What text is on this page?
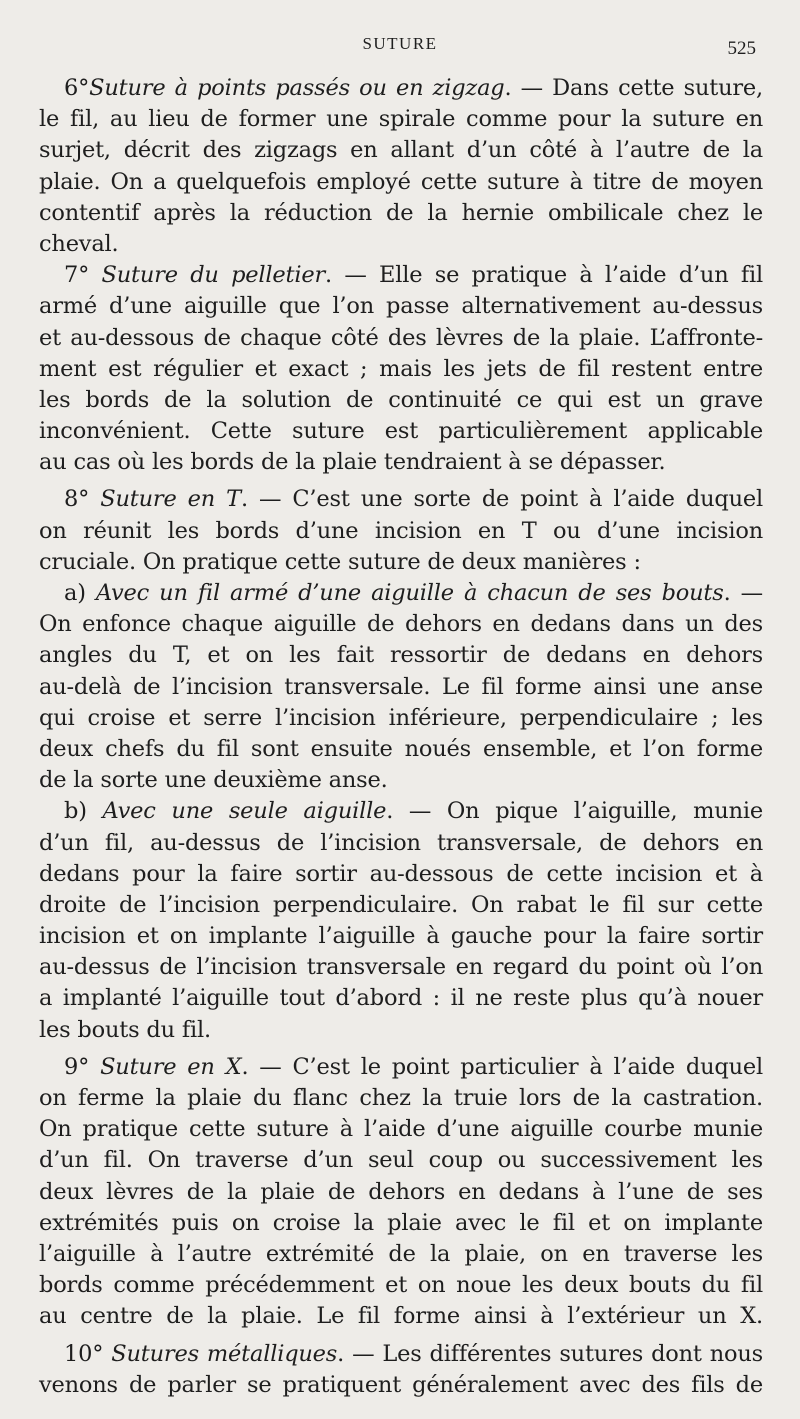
SUTURE	525
6°Suture à points passés ou en zigzag. — Dans cette suture,
le fil, au lieu de former une spirale comme pour la suture en
surjet, décrit des zigzags en allant d’un côté à l’autre de la
plaie. On a quelquefois employé cette suture à titre de moyen
contentif après la réduction de la hernie ombilicale chez le
cheval.
7° Suture du pelletier. — Elle se pratique à l’aide d’un fil
armé d’une aiguille que l’on passe alternativement au-dessus
et au-dessous de chaque côté des lèvres de la plaie. L’affronte-
ment est régulier et exact ; mais les jets de fil restent entre
les bords de la solution de continuité ce qui est un grave
inconvénient. Cette suture est particulièrement applicable
au cas où les bords de la plaie tendraient à se dépasser.
8° Suture en T. — C’est une sorte de point à l’aide duquel
on réunit les bords d’une incision en T ou d’une incision
cruciale. On pratique cette suture de deux manières :
a) Avec un fil armé d’une aiguille à chacun de ses bouts. —
On enfonce chaque aiguille de dehors en dedans dans un des
angles du T, et on les fait ressortir de dedans en dehors
au-delà de l’incision transversale. Le fil forme ainsi une anse
qui croise et serre l’incision inférieure, perpendiculaire ; les
deux chefs du fil sont ensuite noués ensemble, et l’on forme
de la sorte une deuxième anse.
b) Avec une seule aiguille. — On pique l’aiguille, munie
d’un fil, au-dessus de l’incision transversale, de dehors en
dedans pour la faire sortir au-dessous de cette incision et à
droite de l’incision perpendiculaire. On rabat le fil sur cette
incision et on implante l’aiguille à gauche pour la faire sortir
au-dessus de l’incision transversale en regard du point où l’on
a implanté l’aiguille tout d’abord : il ne reste plus qu’à nouer
les bouts du fil.
9° Suture en X. — C’est le point particulier à l’aide duquel
on ferme la plaie du flanc chez la truie lors de la castration.
On pratique cette suture à l’aide d’une aiguille courbe munie
d’un fil. On traverse d’un seul coup ou successivement les
deux lèvres de la plaie de dehors en dedans à l’une de ses
extrémités puis on croise la plaie avec le fil et on implante
l’aiguille à l’autre extrémité de la plaie, on en traverse les
bords comme précédemment et on noue les deux bouts du fil
au centre de la plaie. Le fil forme ainsi à l’extérieur un X.
10° Sutures métalliques. — Les différentes sutures dont nous
venons de parler se pratiquent généralement avec des fils de
